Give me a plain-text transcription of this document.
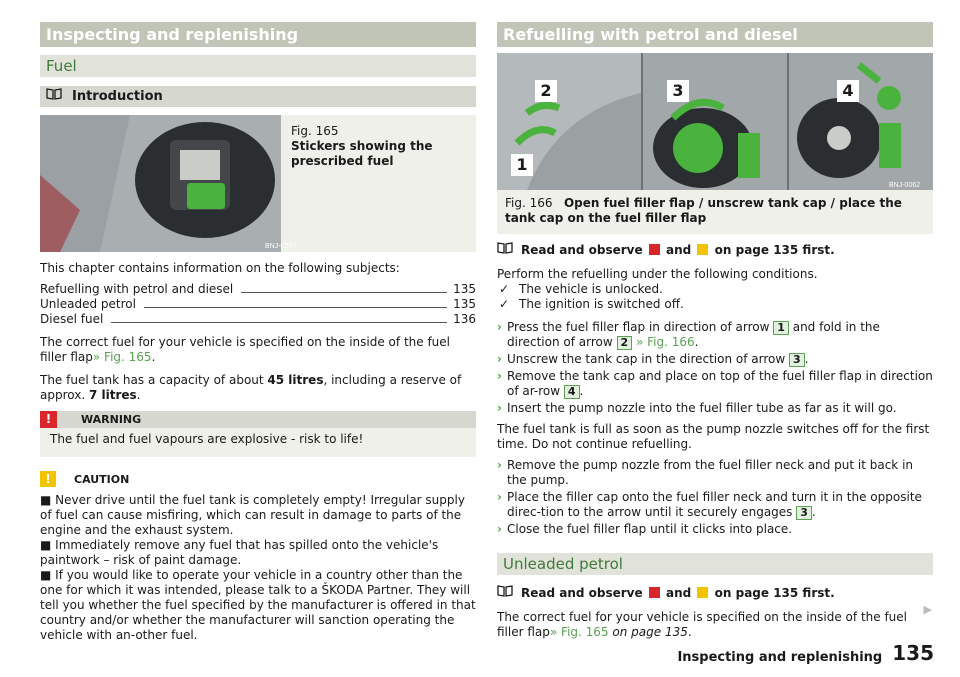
Inspecting and replenishing
Fuel
Introduction
BNJ-0247
Fig. 165
Stickers showing the prescribed fuel

This chapter contains information on the following subjects:

Refuelling with petrol and diesel	135
Unleaded petrol	135
Diesel fuel	136

The correct fuel for your vehicle is specified on the inside of the fuel filler flap» Fig. 165.

The fuel tank has a capacity of about 45 litres, including a reserve of approx. 7 litres.

!	WARNING
The fuel and fuel vapours are explosive - risk to life!
!	CAUTION

■ Never drive until the fuel tank is completely empty! Irregular supply of fuel can cause misfiring, which can result in damage to parts of the engine and the exhaust system.

■ Immediately remove any fuel that has spilled onto the vehicle's paintwork – risk of paint damage.

■ If you would like to operate your vehicle in a country other than the one for which it was intended, please talk to a ŠKODA Partner. They will tell you whether the fuel specified by the manufacturer is offered in that country and/or whether the manufacturer will sanction operating the vehicle with an-other fuel.

Refuelling with petrol and diesel
1
2	3
BNJ-0062
4
Fig. 166 Open fuel filler flap / unscrew tank cap / place the tank cap on the fuel filler flap
Read and observe

and

on page 135 first.

Perform the refuelling under the following conditions.

✓ The vehicle is unlocked.
✓ The ignition is switched off.
› Press the fuel filler flap in direction of arrow 1 and fold in the direction of arrow 2 » Fig. 166.
› Unscrew the tank cap in the direction of arrow 3 .
› Remove the tank cap and place on top of the fuel filler flap in direction of ar-row 4 .
› Insert the pump nozzle into the fuel filler tube as far as it will go.

The fuel tank is full as soon as the pump nozzle switches off for the first time. Do not continue refuelling.

› Remove the pump nozzle from the fuel filler neck and put it back in the pump.
› Place the filler cap onto the fuel filler neck and turn it in the opposite direc-tion to the arrow until it securely engages 3 .
› Close the fuel filler flap until it clicks into place.
Unleaded petrol
Read and observe

and

on page 135 first.

The correct fuel for your vehicle is specified on the inside of the fuel filler flap» Fig. 165 on page 135.

▶
Inspecting and replenishing 135
